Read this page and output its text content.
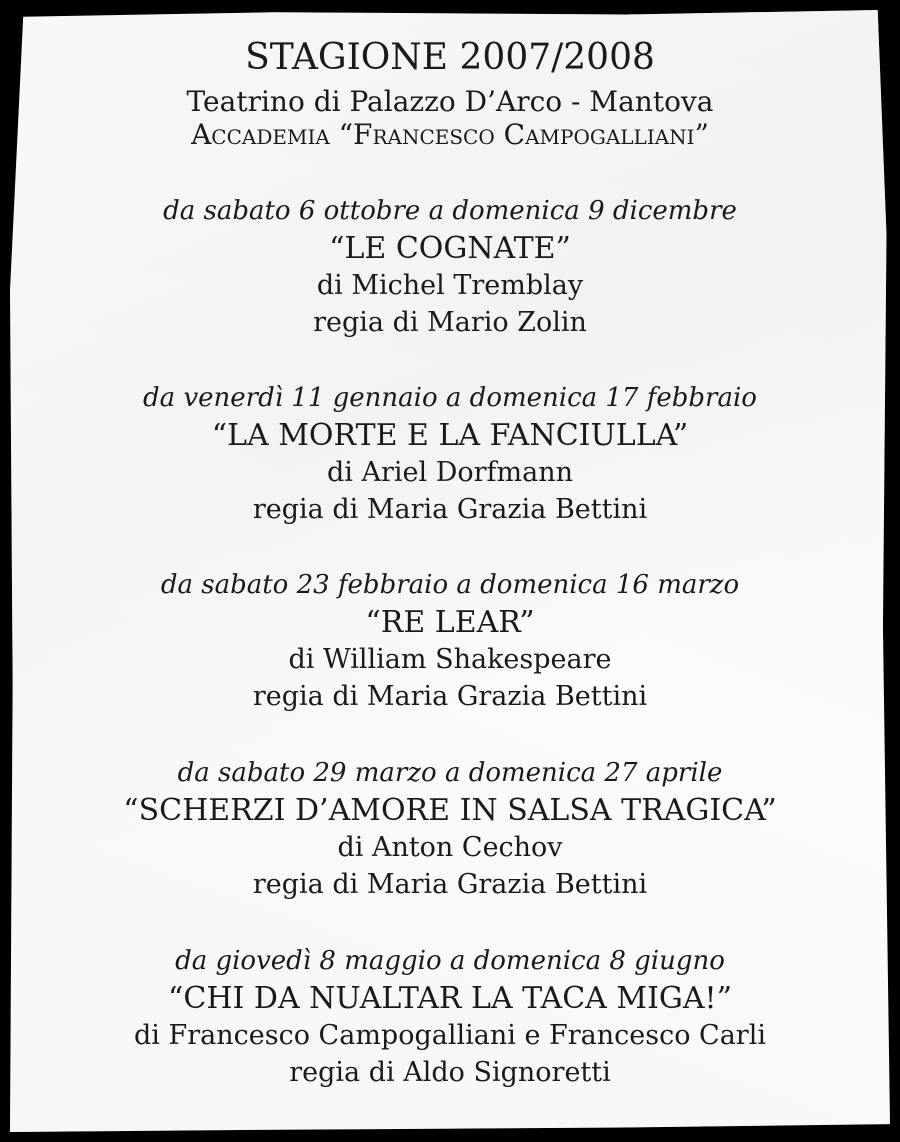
STAGIONE 2007/2008
Teatrino di Palazzo D’Arco - Mantova
Accademia “Francesco Campogalliani”
da sabato 6 ottobre a domenica 9 dicembre
“LE COGNATE”
di Michel Tremblay
regia di Mario Zolin
da venerdì 11 gennaio a domenica 17 febbraio
“LA MORTE E LA FANCIULLA”
di Ariel Dorfmann
regia di Maria Grazia Bettini
da sabato 23 febbraio a domenica 16 marzo
“RE LEAR”
di William Shakespeare
regia di Maria Grazia Bettini
da sabato 29 marzo a domenica 27 aprile
“SCHERZI D’AMORE IN SALSA TRAGICA”
di Anton Cechov
regia di Maria Grazia Bettini
da giovedì 8 maggio a domenica 8 giugno
“CHI DA NUALTAR LA TACA MIGA!”
di Francesco Campogalliani e Francesco Carli
regia di Aldo Signoretti
